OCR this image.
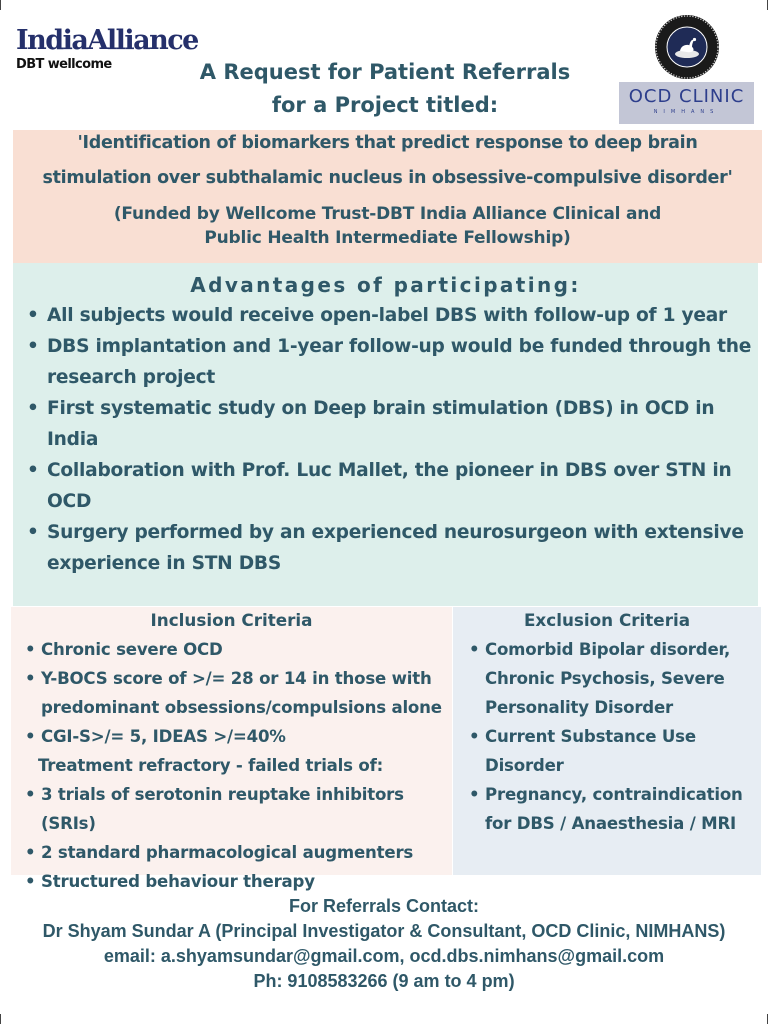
IndiaAlliance
DBT wellcome	A Request for Patient Referrals
for a Project titled:	OCD CLINIC
NIMHANS
'Identification of biomarkers that predict response to deep brain
stimulation over subthalamic nucleus in obsessive-compulsive disorder'
(Funded by Wellcome Trust-DBT India Alliance Clinical and
Public Health Intermediate Fellowship)
Advantages of participating:
• All subjects would receive open-label DBS with follow-up of 1 year
• DBS implantation and 1-year follow-up would be funded through the research project
• First systematic study on Deep brain stimulation (DBS) in OCD in India
• Collaboration with Prof. Luc Mallet, the pioneer in DBS over STN in OCD
• Surgery performed by an experienced neurosurgeon with extensive experience in STN DBS
Inclusion Criteria
• Chronic severe OCD
• Y-BOCS score of >/= 28 or 14 in those with predominant obsessions/compulsions alone
• CGI-S>/= 5, IDEAS >/=40%
Treatment refractory - failed trials of:
• 3 trials of serotonin reuptake inhibitors (SRIs)
• 2 standard pharmacological augmenters
• Structured behaviour therapy
Exclusion Criteria
• Comorbid Bipolar disorder, Chronic Psychosis, Severe Personality Disorder
• Current Substance Use Disorder
• Pregnancy, contraindication for DBS / Anaesthesia / MRI
For Referrals Contact:
Dr Shyam Sundar A (Principal Investigator & Consultant, OCD Clinic, NIMHANS)
email: a.shyamsundar@gmail.com, ocd.dbs.nimhans@gmail.com
Ph: 9108583266 (9 am to 4 pm)
